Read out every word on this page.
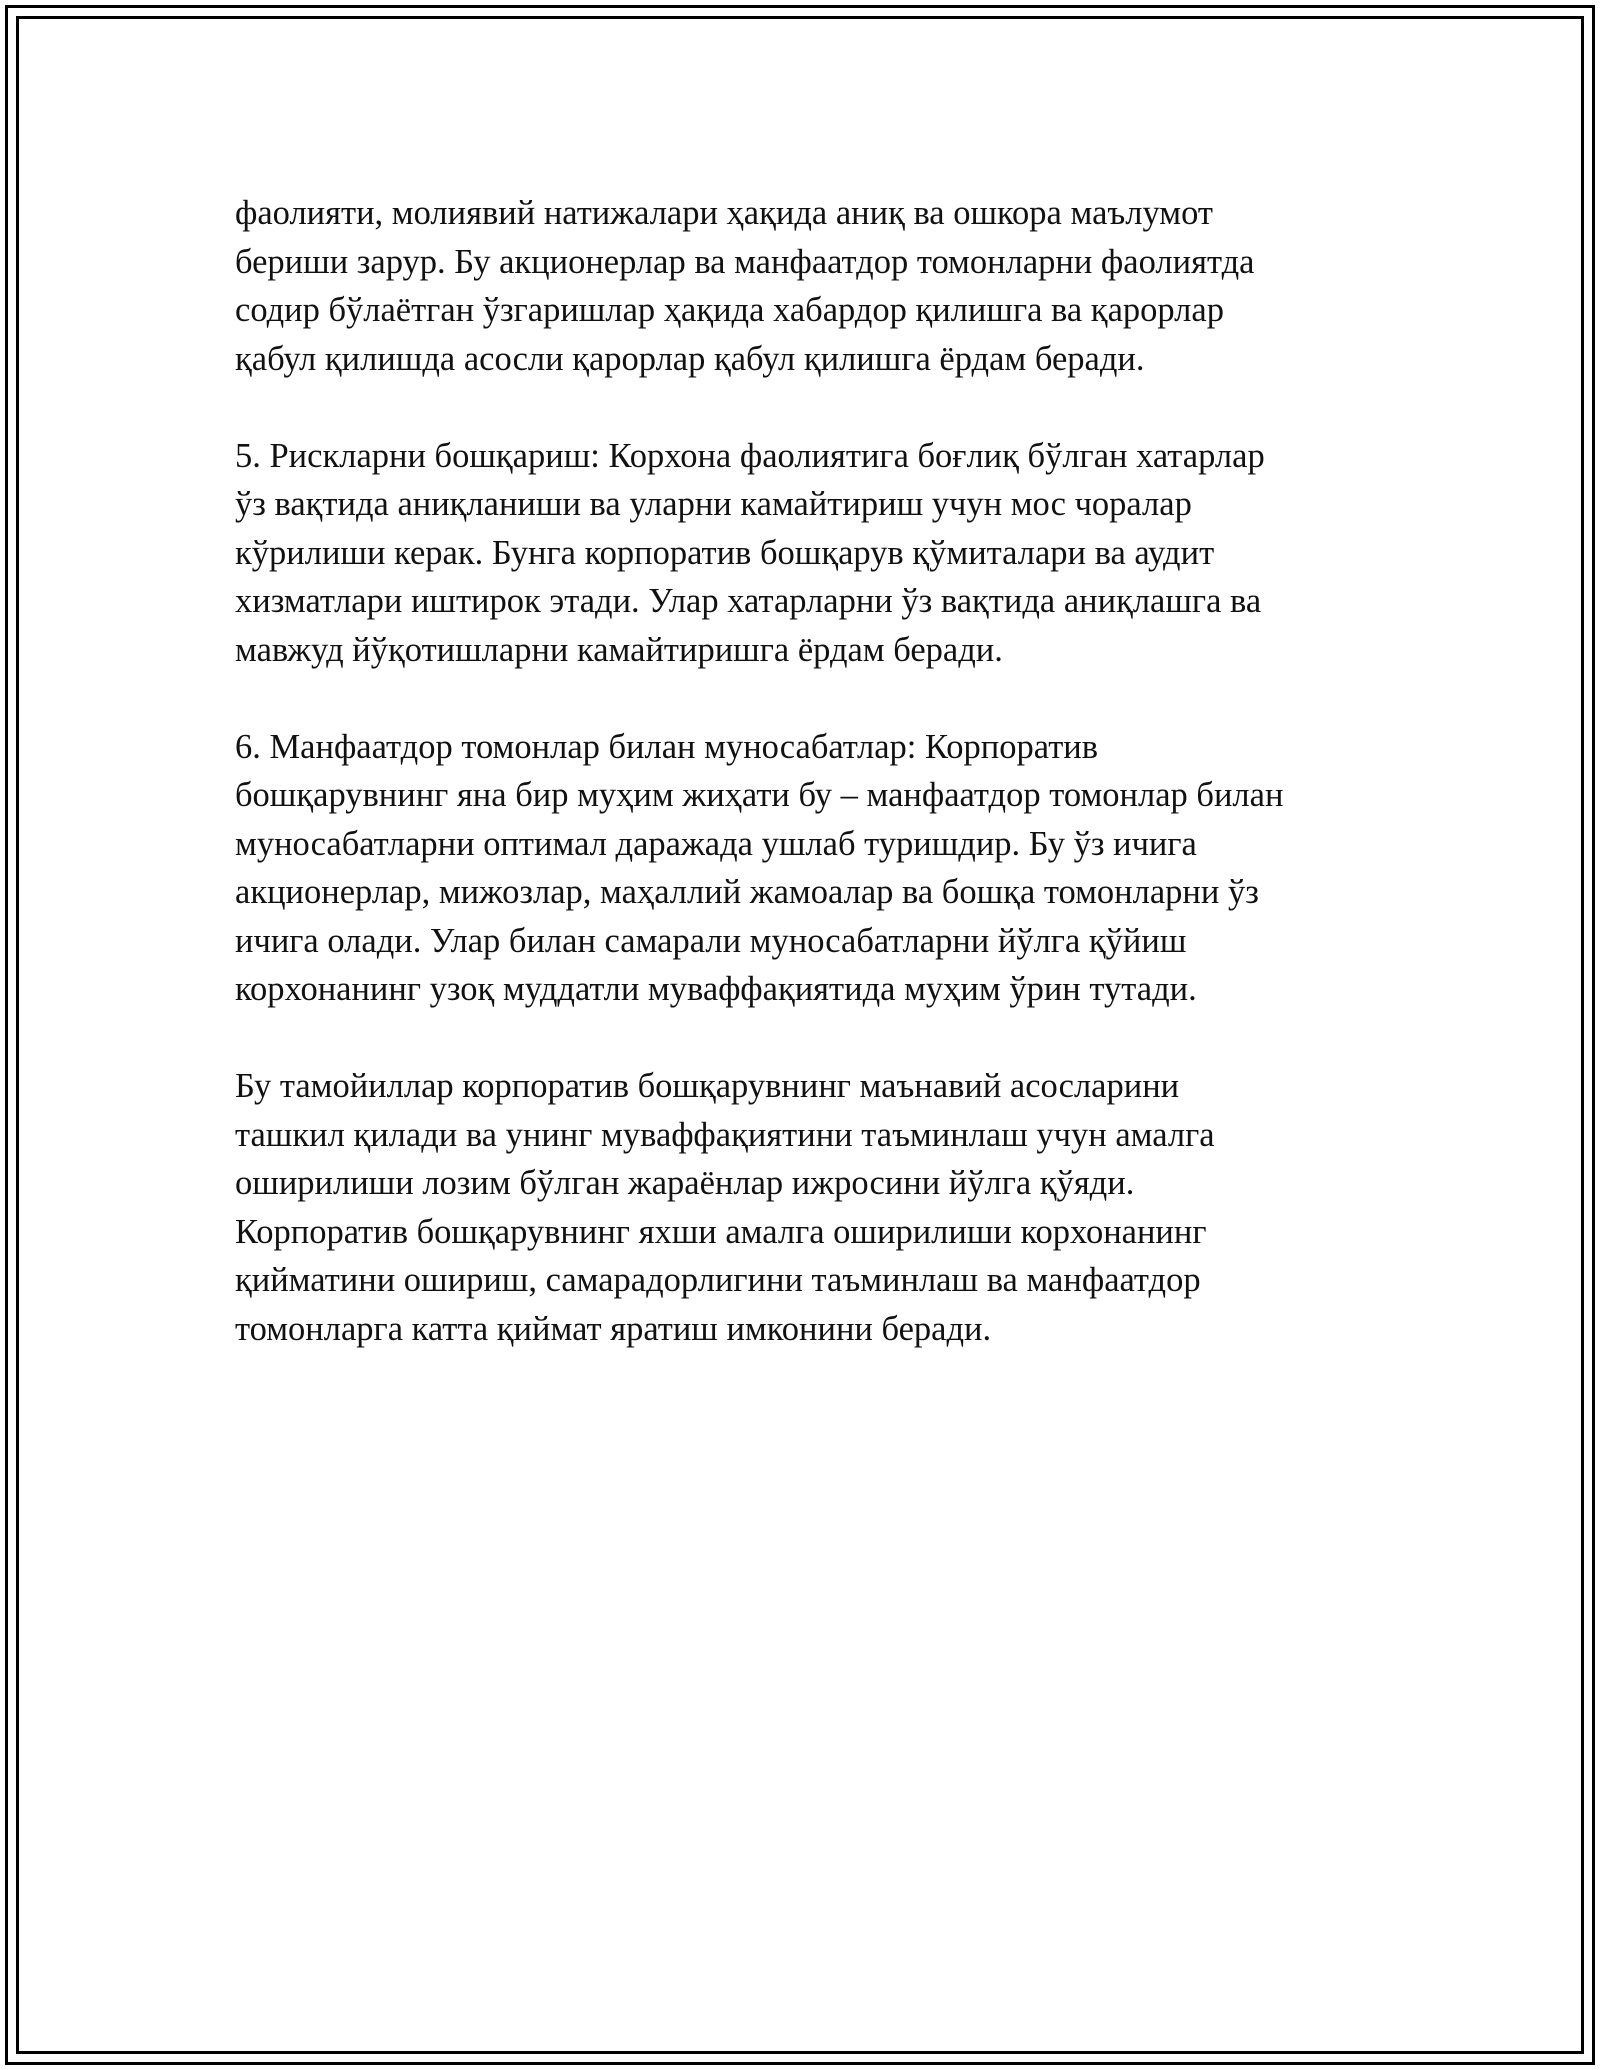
фаолияти, молиявий натижалари ҳақида аниқ ва ошкора маълумот
бериши зарур. Бу акционерлар ва манфаатдор томонларни фаолиятда
содир бўлаётган ўзгаришлар ҳақида хабардор қилишга ва қарорлар
қабул қилишда асосли қарорлар қабул қилишга ёрдам беради.

5. Рискларни бошқариш: Корхона фаолиятига боғлиқ бўлган хатарлар
ўз вақтида аниқланиши ва уларни камайтириш учун мос чоралар
кўрилиши керак. Бунга корпоратив бошқарув қўмиталари ва аудит
хизматлари иштирок этади. Улар хатарларни ўз вақтида аниқлашга ва
мавжуд йўқотишларни камайтиришга ёрдам беради.

6. Манфаатдор томонлар билан муносабатлар: Корпоратив
бошқарувнинг яна бир муҳим жиҳати бу – манфаатдор томонлар билан
муносабатларни оптимал даражада ушлаб туришдир. Бу ўз ичига
акционерлар, мижозлар, маҳаллий жамоалар ва бошқа томонларни ўз
ичига олади. Улар билан самарали муносабатларни йўлга қўйиш
корхонанинг узоқ муддатли муваффақиятида муҳим ўрин тутади.

Бу тамойиллар корпоратив бошқарувнинг маънавий асосларини
ташкил қилади ва унинг муваффақиятини таъминлаш учун амалга
оширилиши лозим бўлган жараёнлар ижросини йўлга қўяди.
Корпоратив бошқарувнинг яхши амалга оширилиши корхонанинг
қийматини ошириш, самарадорлигини таъминлаш ва манфаатдор
томонларга катта қиймат яратиш имконини беради.
